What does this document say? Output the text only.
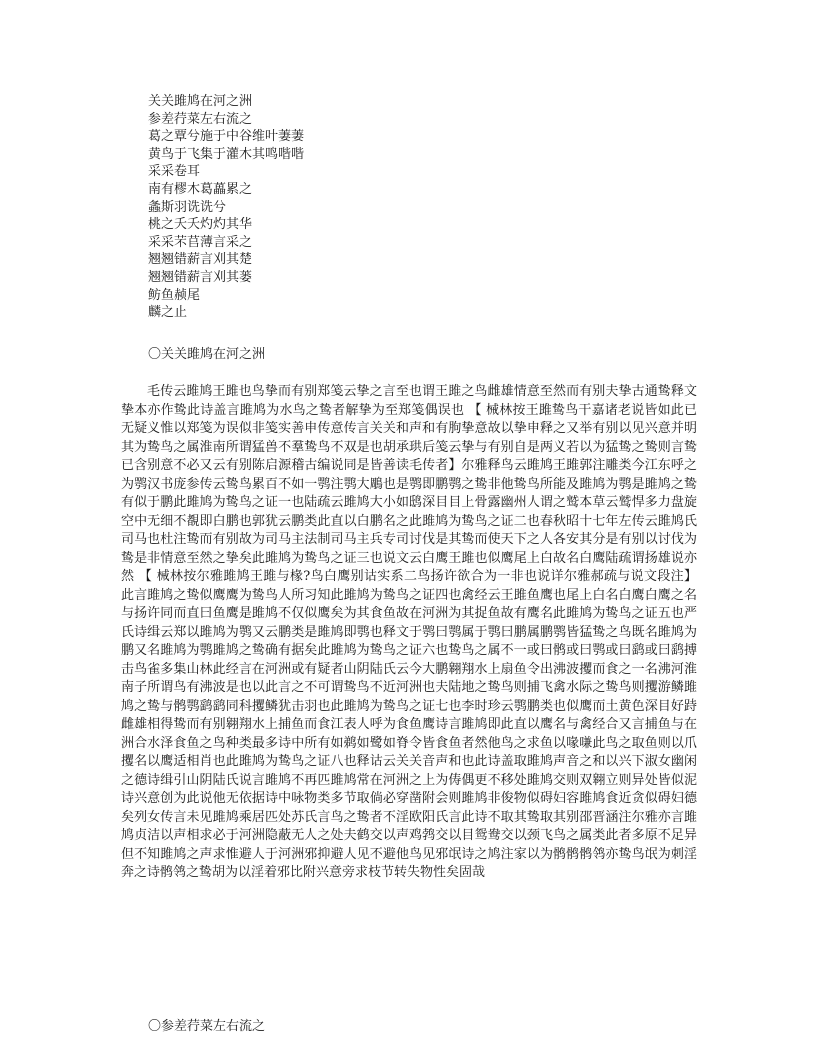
关关雎鸠在河之洲
参差荇菜左右流之
葛之覃兮施于中谷维叶萋萋
黄鸟于飞集于灌木其鸣喈喈
采采卷耳
南有樛木葛藟累之
螽斯羽诜诜兮
桃之夭夭灼灼其华
采采芣苢薄言采之
翘翘错薪言刈其楚
翘翘错薪言刈其蒌
鲂鱼赪尾
麟之止
〇关关雎鸠在河之洲

毛传云雎鸠王雎也鸟挚而有别郑笺云挚之言至也谓王雎之鸟雌雄情意至然而有别夫挚古通鸷释文挚本亦作鸷此诗盖言雎鸠为水鸟之鸷者解挚为至郑笺偶误也 【 械林按王雎鸷鸟干嘉诸老说皆如此已无疑义惟以郑笺为误似非笺实善申传意传言关关和声和有朐挚意故以挚申释之又举有别以见兴意并明其为鸷鸟之属淮南所谓猛兽不羣鸷鸟不双是也胡承珙后笺云挚与有别自是两义若以为猛鸷之鸷则言鸷已含别意不必又云有别陈启源稽古编说同是皆善读毛传者】尔雅释鸟云雎鸠王雎郭注雕类今江东呼之为鹗汉书庞参传云鸷鸟累百不如一鹗注鹗大鵰也是鹗即鹏鹗之鸷非他鸷鸟所能及雎鸠为鹗是雎鸠之鸷有似于鹏此雎鸠为鸷鸟之证一也陆疏云雎鸠大小如鸱深目目上骨露幽州人谓之鹫本草云鹫悍多力盘旋空中无细不覩即白鹏也郭犹云鹏类此直以白鹏名之此雎鸠为鸷鸟之证二也春秋昭十七年左传云雎鸠氏司马也杜注鸷而有别故为司马主法制司马主兵专司讨伐是其鸷而使天下之人各安其分是有别以讨伐为鸷是非情意至然之挚矣此雎鸠为鸷鸟之证三也说文云白鹰王雎也似鹰尾上白故名白鹰陆疏谓扬雄说亦然 【 械林按尔雅雎鸠王雎与椽?鸟白鹰别诂实系二鸟扬许欲合为一非也说详尔雅郝疏与说文段注】 此言雎鸠之鸷似鹰鹰为鸷鸟人所习知此雎鸠为鸷鸟之证四也禽经云王雎鱼鹰也尾上白名白鹰白鹰之名与扬许同而直曰鱼鹰是雎鸠不仅似鹰矣为其食鱼故在河洲为其捉鱼故有鹰名此雎鸠为鸷鸟之证五也严氏诗缉云郑以雎鸠为鹗又云鹏类是雎鸠即鹗也释文于鹗曰鹗属于鹗曰鹏属鹏鹗皆猛鸷之鸟既名雎鸠为鹏又名雎鸠为鹗雎鸠之鸷确有据矣此雎鸠为鸷鸟之证六也鸷鸟之属不一或曰鹘或曰鹗或曰鹞或曰鹞搏击鸟雀多集山林此经言在河洲或有疑者山阴陆氏云今大鹏翱翔水上扇鱼令出沸波攫而食之一名沸河淮南子所谓鸟有沸波是也以此言之不可谓鸷鸟不近河洲也夫陆地之鸷鸟则捕飞禽水际之鸷鸟则攫游鳞雎鸠之鸷与鹘鹗鹞鹞同科攫鳞犹击羽也此雎鸠为鸷鸟之证七也李时珍云鹗鹏类也似鹰而土黄色深目好跱雌雄相得鸷而有别翱翔水上捕鱼而食江表人呼为食鱼鹰诗言雎鸠即此直以鹰名与禽经合又言捕鱼与在洲合水泽食鱼之鸟种类最多诗中所有如鹈如鹭如脊令皆食鱼者然他鸟之求鱼以喙嗛此鸟之取鱼则以爪攫名以鹰适相肖也此雎鸠为鸷鸟之证八也释诂云关关音声和也此诗盖取雎鸠声音之和以兴下淑女幽闲之德诗缉引山阴陆氏说言雎鸠不再匹雎鸠常在河洲之上为俦偶更不移处雎鸠交则双翱立则异处皆似泥诗兴意创为此说他无依据诗中咏物类多节取倘必穿凿附会则雎鸠非俊物似碍妇容雎鸠食近贪似碍妇德矣列女传言未见雎鸠乘居匹处苏氏言鸟之鸷者不淫欧阳氏言此诗不取其鸷取其别邵晋涵注尔雅亦言雎鸠贞洁以声相求必于河洲隐蔽无人之处夫鹤交以声鸡鹁交以目鸳鸯交以颈飞鸟之属类此者多原不足异但不知雎鸠之声求惟避人于河洲邪抑避人见不避他鸟见邪氓诗之鸠注家以为鹘鹘鹘鸰亦鸷鸟氓为刺淫奔之诗鹘鸰之鸷胡为以淫着邪比附兴意旁求枝节转失物性矣固哉

〇参差荇菜左右流之
